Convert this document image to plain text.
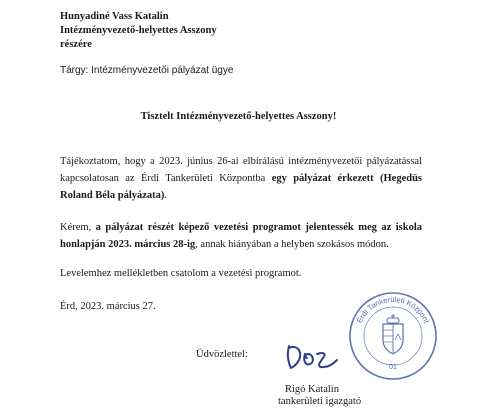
Hunyadiné Vass Katalin
Intézményvezető-helyettes Asszony
részére
Tárgy: Intézményvezetői pályázat ügye
Tisztelt Intézményvezető-helyettes Asszony!
Tájékoztatom, hogy a 2023. június 26-ai elbírálású intézményvezetői pályázatással kapcsolatosan az Érdi Tankerületi Központba egy pályázat érkezett (Hegedüs Roland Béla pályázata).
Kérem, a pályázat részét képező vezetési programot jelentessék meg az iskola honlapján 2023. március 28-ig, annak hiányában a helyben szokásos módon.
Levelemhez mellékletben csatolom a vezetési programot.
Érd, 2023. március 27.
Üdvözlettel:
Érdi Tankerületi Központ
01
Rigó Katalin
tankerületi igazgató
